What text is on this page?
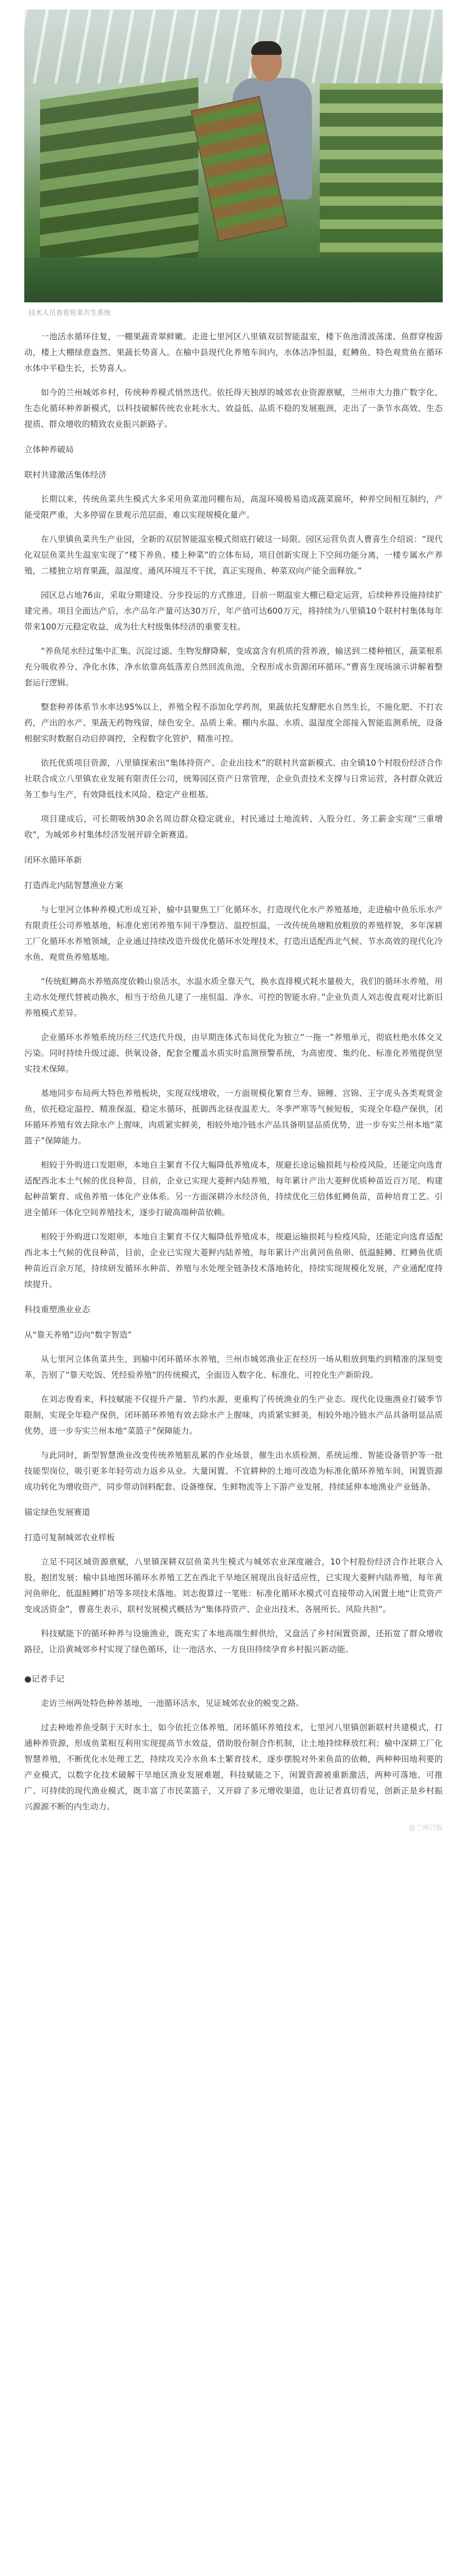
技术人员查看鱼菜共生系统

一池活水循环往复，一棚果蔬青翠鲜嫩。走进七里河区八里镇双层智能温室，楼下鱼池清波荡漾、鱼群穿梭游动，楼上大棚绿意盎然、果蔬长势喜人。在榆中县现代化养殖车间内，水体洁净恒温，虹鳟鱼、特色观赏鱼在循环水体中平稳生长，长势喜人。

如今的兰州城郊乡村，传统种养模式悄然迭代。依托得天独厚的城郊农业资源禀赋，兰州市大力推广数字化、生态化循环种养新模式，以科技破解传统农业耗水大、效益低、品质不稳的发展瓶颈，走出了一条节水高效、生态提质、群众增收的精致农业振兴新路子。

立体种养破局

联村共建激活集体经济

长期以来，传统鱼菜共生模式大多采用鱼菜池同棚布局，高湿环境极易造成蔬菜腐坏，种养空间相互制约，产能受限严重，大多停留在景观示范层面，难以实现规模化量产。

在八里镇鱼菜共生产业园，全新的双层智能温室模式彻底打破这一局限。园区运营负责人曹喜生介绍说：“现代化双层鱼菜共生温室实现了“楼下养鱼、楼上种菜”的立体布局，项目创新实现上下空间功能分离，一楼专属水产养殖，二楼独立培育果蔬，温湿度、通风环境互不干扰，真正实现鱼、种菜双向产能全面释放。”

园区总占地76亩，采取分期建设、分步投运的方式推进，目前一期温室大棚已稳定运营，后续种养设施持续扩建完善。项目全面达产后，水产品年产量可达30万斤，年产值可达600万元，将持续为八里镇10个联村村集体每年带来100万元稳定收益，成为壮大村级集体经济的重要支柱。

“养鱼尾水经过集中汇集、沉淀过滤、生物发酵降解，变成富含有机质的营养液，输送到二楼种植区，蔬菜根系充分吸收养分、净化水体，净水依靠高低落差自然回流鱼池，全程形成水资源闭环循环。”曹喜生现场演示讲解着整套运行逻辑。

整套种养体系节水率达95%以上，养殖全程不添加化学药剂，果蔬依托发酵肥水自然生长，不施化肥、不打农药，产出的水产、果蔬无药物残留，绿色安全、品质上乘。棚内水温、水质、温湿度全部接入智能监测系统，设备根据实时数据自动启停调控，全程数字化管护，精准可控。

依托优质项目资源，八里镇探索出“集体持资产、企业出技术”的联村共富新模式。由全镇10个村股份经济合作社联合成立八里镇农业发展有限责任公司，统筹园区资产日常管理，企业负责技术支撑与日常运营，各村群众就近务工参与生产，有效降低技术风险、稳定产业根基。

项目建成后，可长期吸纳30余名周边群众稳定就业，村民通过土地流转、入股分红、务工薪金实现“三重增收”，为城郊乡村集体经济发展开辟全新赛道。

闭环水循环革新

打造西北内陆智慧渔业方案

与七里河立体种养模式形成互补，榆中县聚焦工厂化循环水，打造现代化水产养殖基地，走进榆中鱼乐乐水产有限责任公司养殖基地，标准化密闭养殖车间干净整洁、温控恒温，一改传统鱼塘粗放粗放的养殖样貌，多年深耕工厂化循环水养殖领域，企业通过持续改造升级优化循环水处理技术，打造出适配西北气候、节水高效的现代化冷水鱼、观赏鱼养殖基地。

“传统虹鳟高水养殖高度依赖山泉活水，水温水质全靠天气，换水直排模式耗水量极大，我们的循环水养殖，用主动水处理代替被动换水，相当于给鱼儿建了一座恒温、净水、可控的智能水府。”企业负责人刘志俊直观对比新旧养殖模式差异。

企业循环水养殖系统历经三代迭代升级，由早期连体式布局优化为独立“一拖一”养殖单元，彻底杜绝水体交叉污染。同时持续升级过滤、供氧设备，配套全覆盖水质实时监测预警系统，为高密度、集约化、标准化养殖提供坚实技术保障。

基地同步布局两大特色养殖板块，实现双线增收，一方面规模化繁育兰寿、锦鲤、宫锦、王字虎头各类观赏金鱼，依托稳定温控、精准保温，稳定水循环，抵御西北昼夜温差大、冬季严寒等气候短板，实现全年稳产保供，闭环循环养殖有效去除水产上腥味，肉质紧实鲜美，相较外地冷链水产品具备明显品质优势，进一步夯实兰州本地“菜篮子”保障能力。

相较于外购进口发眼卵，本地自主繁育不仅大幅降低养殖成本，规避长途运输损耗与检疫风险，还能定向选育适配西北本土气候的优良种苗，目前，企业已实现大菱鲆内陆养殖，每年累计产出大菱鲆优质种苗近百万尾，构建起种苗繁育、成鱼养殖一体化产业体系。另一方面深耕冷水经济鱼，持续优化三倍体虹鳟鱼苗，苗种培育工艺。引进全循环一体化空间养殖技术，逐步打破高端种苗依赖。

相较于外购进口发眼卵，本地自主繁育不仅大幅降低养殖成本，规避运输损耗与检疫风险，还能定向选育适配西北本土气候的优良种苗，目前，企业已实现大菱鲆内陆养殖，每年累计产出黄河鱼鱼卵、低温鲑鳟、红鳟鱼优质种苗近百余万尾，持续研发循环水种苗、养殖与水处理全链条技术落地转化，持续实现规模化发展，产业通配度持续提升。

科技重塑渔业业态

从“靠天养殖”迈向“数字智造”

从七里河立体鱼菜共生，到榆中闭环循环水养殖，兰州市城郊渔业正在经历一场从粗放到集约到精准的深刻变革，告别了“靠天吃饭、凭经验养殖”的传统模式，全面迈入数字化、标准化、可控化生产新阶段。

在刘志俊看来，科技赋能不仅提升产量、节约水源，更重构了传统渔业的生产业态。现代化设施渔业打破季节限制，实现全年稳产保供，闭环循环养殖有效去除水产上腥味，肉质紧实鲜美，相较外地冷链水产品具备明显品质优势，进一步夯实兰州本地“菜篮子”保障能力。

与此同时，新型智慧渔业改变传统养殖脏乱累的作业场景，催生出水质检测、系统运维、智能设备管护等一批技能型岗位，吸引更多年轻劳动力返乡从业。大量闲置、不宜耕种的土地可改造为标准化循环养殖车间，闲置资源成功转化为增收资产，同步带动饲料配套、设备维保、生鲜物流等上下游产业发展，持续延伸本地渔业产业链条。

锚定绿色发展赛道

打造可复制城郊农业样板

立足不同区域资源禀赋，八里镇深耕双层鱼菜共生模式与城郊农业深度融合，10个村股份经济合作社联合入股，抱团发展；榆中县地图环循环水养殖工艺在西北干旱地区展现出良好适应性，已实现大菱鲆内陆养殖，每年黄河鱼卵化、低温鲑鳟扩培等多项技术落地。刘志俊算过一笔账：标准化循环水模式可直接带动入闲置土地“让荒资产变成活资金”，曹喜生表示，联村发展模式概括为“集体持资产、企业出技术、各展所长、风险共担”。

科技赋能下的循环种养与设施渔业，既充实了本地高端生鲜供给，又盘活了乡村闲置资源，还拓宽了群众增收路径，让沿黄城郊乡村实现了绿色循环，让一池活水、一方良田持续孕育乡村振兴新动能。

●记者手记

走访兰州两处特色种养基地，一池循环活水，见证城郊农业的蜕变之路。

过去种地养鱼受制于天时水土，如今依托立体养殖、闭环循环养殖技术，七里河八里镇创新联村共建模式，打通种养资源，形成鱼菜相互利用实现提高节水效益，借助股份制合作机制，让土地持续释放红利；榆中深耕工厂化智慧养殖，不断优化水处理工艺，持续攻关冷水鱼本土繁育技术，逐步摆脱对外来鱼苗的依赖，两种种田地利要的产业模式，以数字化技术破解干旱地区渔业发展难题，科技赋能之下，闲置资源被重新激活，两种可落地、可推广、可持续的现代渔业模式，既丰富了市民菜篮子，又开辟了多元增收渠道，也让记者真切看见，创新正是乡村振兴源源不断的内生动力。

@兰州日报
